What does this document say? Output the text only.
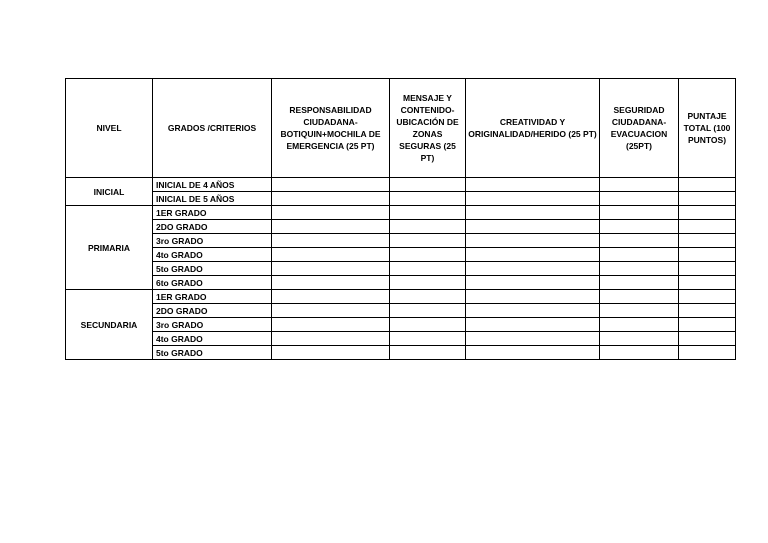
NIVEL	GRADOS /CRITERIOS	RESPONSABILIDAD CIUDADANA- BOTIQUIN+MOCHILA DE EMERGENCIA (25 PT)	MENSAJE Y CONTENIDO- UBICACIÓN DE ZONAS SEGURAS (25 PT)	CREATIVIDAD Y ORIGINALIDAD/HERIDO (25 PT)	SEGURIDAD CIUDADANA- EVACUACION (25PT)	PUNTAJE TOTAL (100 PUNTOS)
INICIAL	INICIAL DE 4 AÑOS					
	INICIAL DE 5 AÑOS					
PRIMARIA	1ER GRADO					
	2DO GRADO					
	3ro GRADO					
	4to GRADO					
	5to GRADO					
	6to GRADO					
SECUNDARIA	1ER GRADO					
	2DO GRADO					
	3ro GRADO					
	4to GRADO					
	5to GRADO					
